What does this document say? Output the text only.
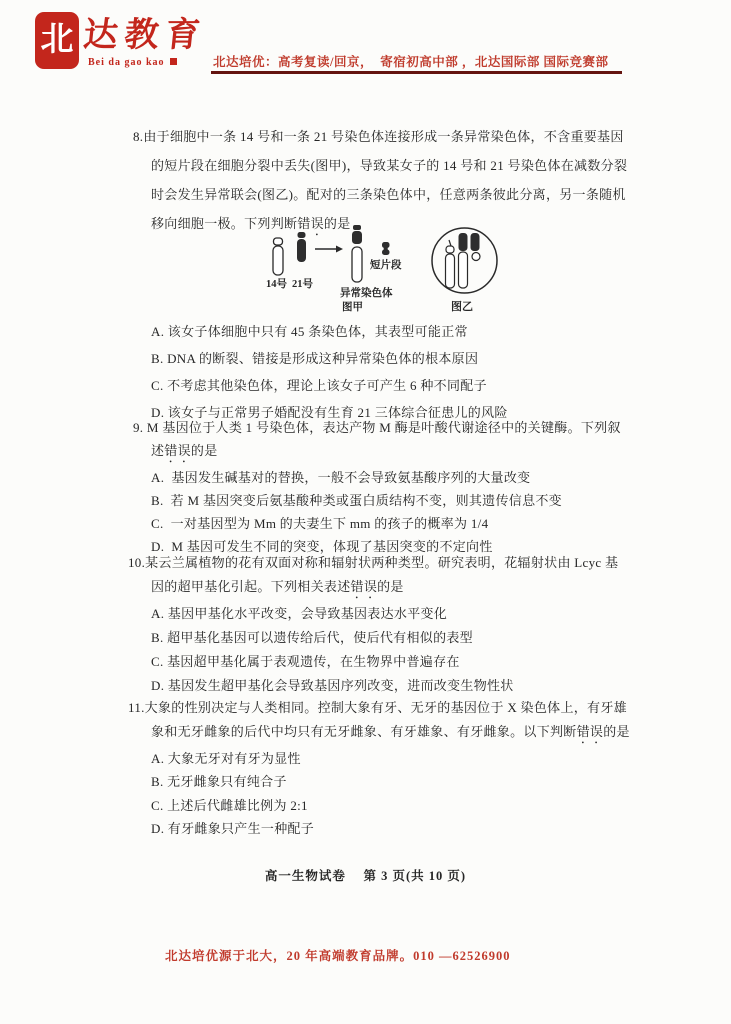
北 达教育
Bei da gao kao	北达培优：高考复读/回京，  寄宿初高中部 ，北达国际部 国际竞赛部
8.由于细胞中一条 14 号和一条 21 号染色体连接形成一条异常染色体，不含重要基因的短片段在细胞分裂中丢失(图甲)，导致某女子的 14 号和 21 号染色体在减数分裂时会发生异常联会(图乙)。配对的三条染色体中，任意两条彼此分离，另一条随机移向细胞一极。下列判断错误的是
14号 21号
短片段
异常染色体
图甲	图乙
A. 该女子体细胞中只有 45 条染色体，其表型可能正常
B. DNA 的断裂、错接是形成这种异常染色体的根本原因
C. 不考虑其他染色体，理论上该女子可产生 6 种不同配子
D. 该女子与正常男子婚配没有生育 21 三体综合征患儿的风险
9. M 基因位于人类 1 号染色体，表达产物 M 酶是叶酸代谢途径中的关键酶。下列叙述错误的是
A.  基因发生碱基对的替换，一般不会导致氨基酸序列的大量改变
B.  若 M 基因突变后氨基酸种类或蛋白质结构不变，则其遗传信息不变
C.  一对基因型为 Mm 的夫妻生下 mm 的孩子的概率为 1/4
D.  M 基因可发生不同的突变，体现了基因突变的不定向性
10.某云兰属植物的花有双面对称和辐射状两种类型。研究表明，花辐射状由 Lcyc 基因的超甲基化引起。下列相关表述错误的是
A. 基因甲基化水平改变，会导致基因表达水平变化
B. 超甲基化基因可以遗传给后代，使后代有相似的表型
C. 基因超甲基化属于表观遗传，在生物界中普遍存在
D. 基因发生超甲基化会导致基因序列改变，进而改变生物性状
11.大象的性别决定与人类相同。控制大象有牙、无牙的基因位于 X 染色体上，有牙雄象和无牙雌象的后代中均只有无牙雌象、有牙雄象、有牙雌象。以下判断错误的是
A. 大象无牙对有牙为显性
B. 无牙雌象只有纯合子
C. 上述后代雌雄比例为 2:1
D. 有牙雌象只产生一种配子
高一生物试卷　 第 3 页(共 10 页)
北达培优源于北大，20 年高端教育品牌。010 —62526900
